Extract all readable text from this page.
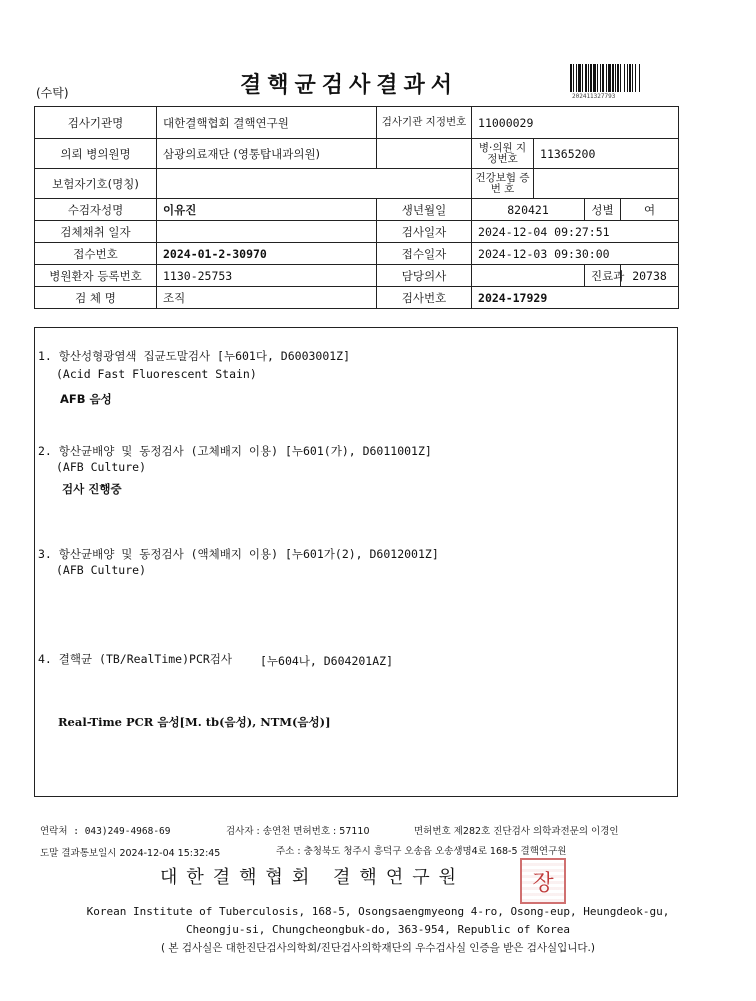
(수탁)	결핵균검사결과서	202411327793
검사기관명	대한결핵협회 결핵연구원	검사기관 지정번호	11000029			
의뢰 병의원명	삼광의료재단 (영통탑내과의원)		병·의원 지정번호	11365200		
보험자기호(명칭)			건강보험 증 번 호			
수검자성명	이유진	생년월일	820421		성별	여
검체채취 일자		검사일자	2024-12-04 09:27:51			
접수번호	2024-01-2-30970	접수일자	2024-12-03 09:30:00			
병원환자 등록번호	1130-25753	담당의사			진료과	20738
검 체 명	조직	검사번호	2024-17929			
1. 항산성형광염색 집균도말검사 [누601다, D6003001Z]
(Acid Fast Fluorescent Stain)
AFB 음성
2. 항산균배양 및 동정검사 (고체배지 이용) [누601(가), D6011001Z]
(AFB Culture)
검사 진행중
3. 항산균배양 및 동정검사 (액체배지 이용) [누601가(2), D6012001Z]
(AFB Culture)
4. 결핵균 (TB/RealTime)PCR검사 [누604나, D604201AZ]
Real-Time PCR 음성[M. tb(음성), NTM(음성)]
연락처 : 043)249-4968-69	검사자 : 송연천 면허번호 : 57110	면허번호 제282호 진단검사 의학과전문의 이경인
도말 결과통보일시 2024-12-04 15:32:45	주소 : 충청북도 청주시 흥덕구 오송읍 오송생명4로 168-5 결핵연구원
대한결핵협회 결핵연구원	장
Korean Institute of Tuberculosis, 168-5, Osongsaengmyeong 4-ro, Osong-eup, Heungdeok-gu,
Cheongju-si, Chungcheongbuk-do, 363-954, Republic of Korea
( 본 검사실은 대한진단검사의학회/진단검사의학재단의 우수검사실 인증을 받은 검사실입니다.)
